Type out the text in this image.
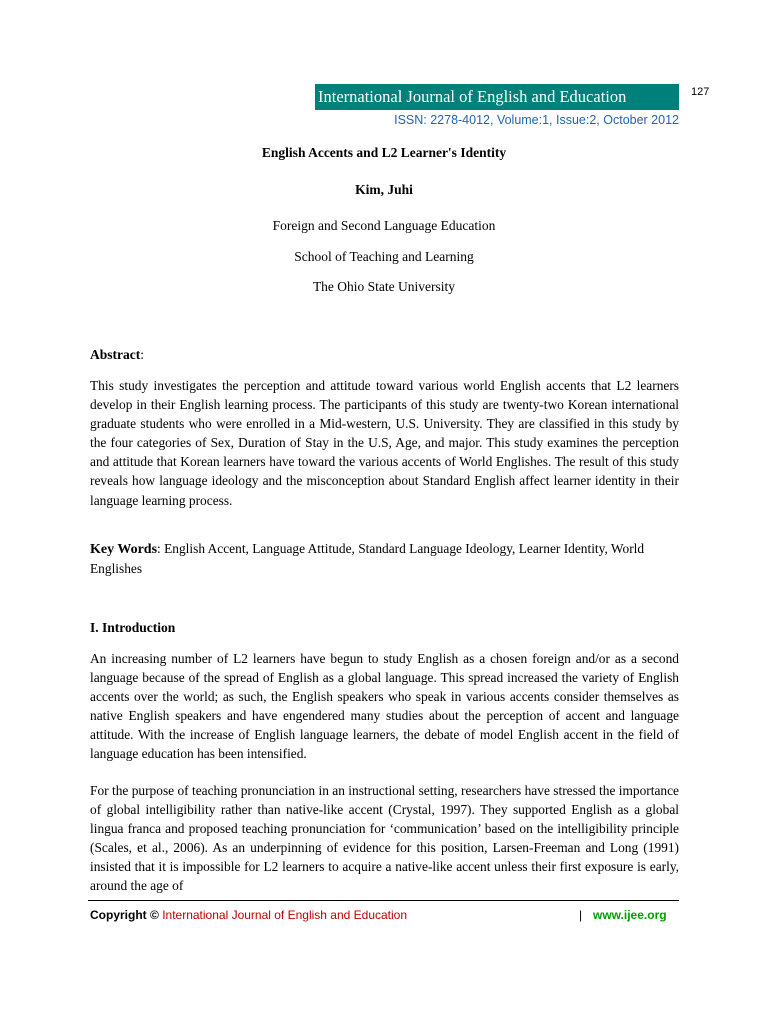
International Journal of English and Education	127
ISSN: 2278-4012, Volume:1, Issue:2, October 2012
English Accents and L2 Learner's Identity
Kim, Juhi
Foreign and Second Language Education
School of Teaching and Learning
The Ohio State University
Abstract:

This study investigates the perception and attitude toward various world English accents that L2 learners develop in their English learning process. The participants of this study are twenty-two Korean international graduate students who were enrolled in a Mid-western, U.S. University. They are classified in this study by the four categories of Sex, Duration of Stay in the U.S, Age, and major. This study examines the perception and attitude that Korean learners have toward the various accents of World Englishes. The result of this study reveals how language ideology and the misconception about Standard English affect learner identity in their language learning process.

Key Words: English Accent, Language Attitude, Standard Language Ideology, Learner Identity, World Englishes

I. Introduction

An increasing number of L2 learners have begun to study English as a chosen foreign and/or as a second language because of the spread of English as a global language. This spread increased the variety of English accents over the world; as such, the English speakers who speak in various accents consider themselves as native English speakers and have engendered many studies about the perception of accent and language attitude. With the increase of English language learners, the debate of model English accent in the field of language education has been intensified.

For the purpose of teaching pronunciation in an instructional setting, researchers have stressed the importance of global intelligibility rather than native-like accent (Crystal, 1997). They supported English as a global lingua franca and proposed teaching pronunciation for ‘communication’ based on the intelligibility principle (Scales, et al., 2006). As an underpinning of evidence for this position, Larsen-Freeman and Long (1991) insisted that it is impossible for L2 learners to acquire a native-like accent unless their first exposure is early, around the age of

Copyright © International Journal of English and Education	| www.ijee.org
